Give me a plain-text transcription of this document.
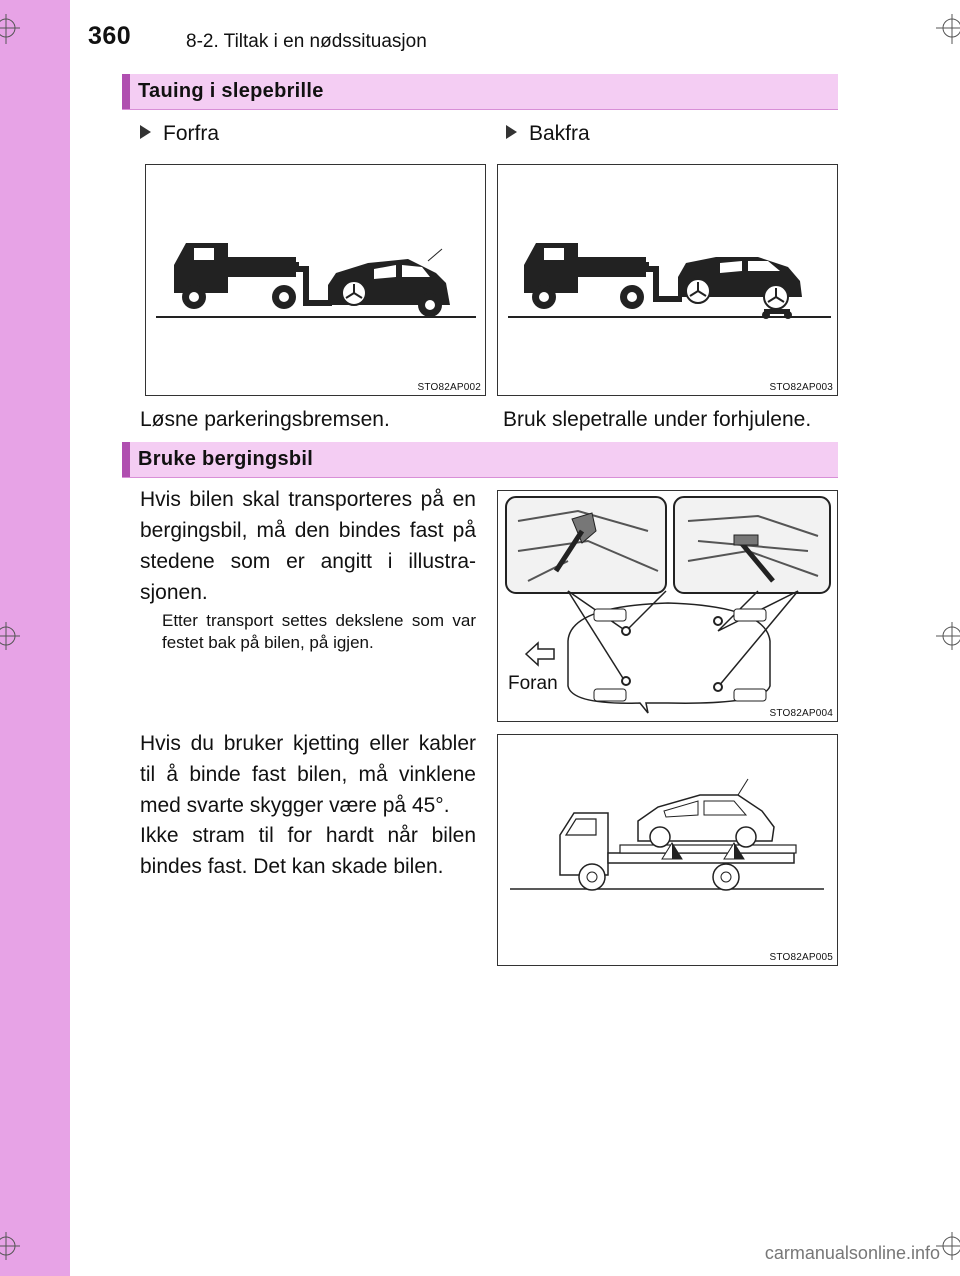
360	8-2. Tiltak i en nødssituasjon
Tauing i slepebrille
Forfra	Bakfra
STO82AP002	STO82AP003
Løsne parkeringsbremsen.	Bruk slepetralle under forhjulene.
Bruke bergingsbil
Hvis bilen skal transporteres på en bergingsbil, må den bindes fast på stedene som er angitt i illustra-sjonen.
Etter transport settes dekslene som var festet bak på bilen, på igjen.
Hvis du bruker kjetting eller kabler til å binde fast bilen, må vinklene med svarte skygger være på 45°.
Ikke stram til for hardt når bilen bindes fast. Det kan skade bilen.
Foran
STO82AP004
STO82AP005
carmanualsonline.info
